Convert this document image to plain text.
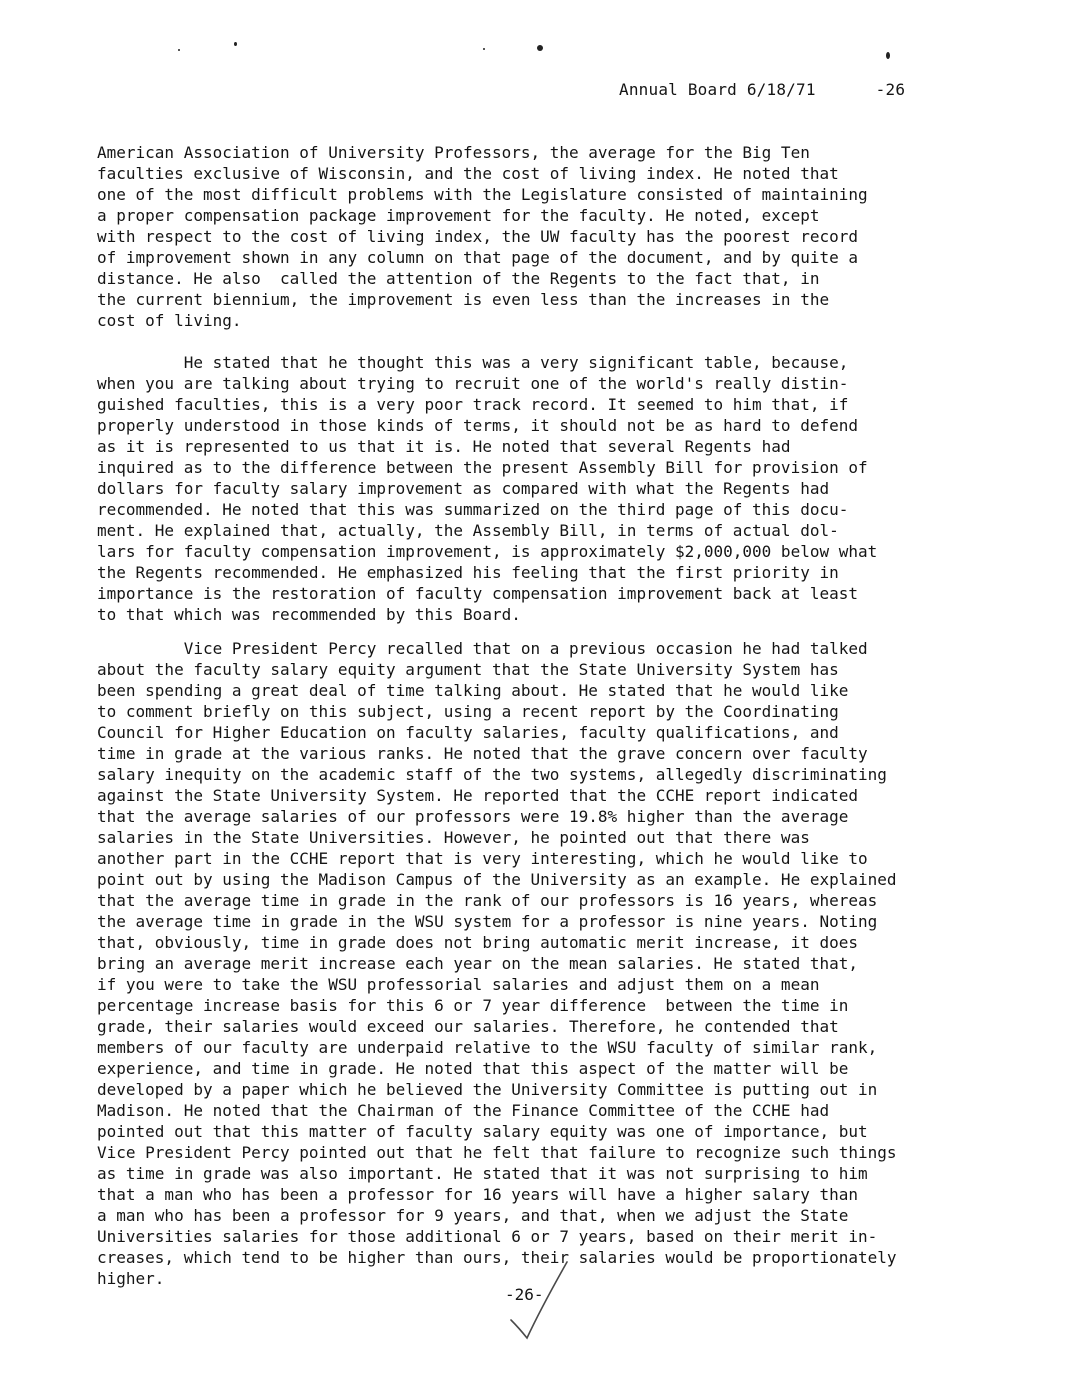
Annual Board 6/18/71	-26
American Association of University Professors, the average for the Big Ten
faculties exclusive of Wisconsin, and the cost of living index. He noted that
one of the most difficult problems with the Legislature consisted of maintaining
a proper compensation package improvement for the faculty. He noted, except
with respect to the cost of living index, the UW faculty has the poorest record
of improvement shown in any column on that page of the document, and by quite a
distance. He also  called the attention of the Regents to the fact that, in
the current biennium, the improvement is even less than the increases in the
cost of living.
He stated that he thought this was a very significant table, because,
when you are talking about trying to recruit one of the world's really distin-
guished faculties, this is a very poor track record. It seemed to him that, if
properly understood in those kinds of terms, it should not be as hard to defend
as it is represented to us that it is. He noted that several Regents had
inquired as to the difference between the present Assembly Bill for provision of
dollars for faculty salary improvement as compared with what the Regents had
recommended. He noted that this was summarized on the third page of this docu-
ment. He explained that, actually, the Assembly Bill, in terms of actual dol-
lars for faculty compensation improvement, is approximately $2,000,000 below what
the Regents recommended. He emphasized his feeling that the first priority in
importance is the restoration of faculty compensation improvement back at least
to that which was recommended by this Board.
Vice President Percy recalled that on a previous occasion he had talked
about the faculty salary equity argument that the State University System has
been spending a great deal of time talking about. He stated that he would like
to comment briefly on this subject, using a recent report by the Coordinating
Council for Higher Education on faculty salaries, faculty qualifications, and
time in grade at the various ranks. He noted that the grave concern over faculty
salary inequity on the academic staff of the two systems, allegedly discriminating
against the State University System. He reported that the CCHE report indicated
that the average salaries of our professors were 19.8% higher than the average
salaries in the State Universities. However, he pointed out that there was
another part in the CCHE report that is very interesting, which he would like to
point out by using the Madison Campus of the University as an example. He explained
that the average time in grade in the rank of our professors is 16 years, whereas
the average time in grade in the WSU system for a professor is nine years. Noting
that, obviously, time in grade does not bring automatic merit increase, it does
bring an average merit increase each year on the mean salaries. He stated that,
if you were to take the WSU professorial salaries and adjust them on a mean
percentage increase basis for this 6 or 7 year difference  between the time in
grade, their salaries would exceed our salaries. Therefore, he contended that
members of our faculty are underpaid relative to the WSU faculty of similar rank,
experience, and time in grade. He noted that this aspect of the matter will be
developed by a paper which he believed the University Committee is putting out in
Madison. He noted that the Chairman of the Finance Committee of the CCHE had
pointed out that this matter of faculty salary equity was one of importance, but
Vice President Percy pointed out that he felt that failure to recognize such things
as time in grade was also important. He stated that it was not surprising to him
that a man who has been a professor for 16 years will have a higher salary than
a man who has been a professor for 9 years, and that, when we adjust the State
Universities salaries for those additional 6 or 7 years, based on their merit in-
creases, which tend to be higher than ours, their salaries would be proportionately
higher.
-26-
